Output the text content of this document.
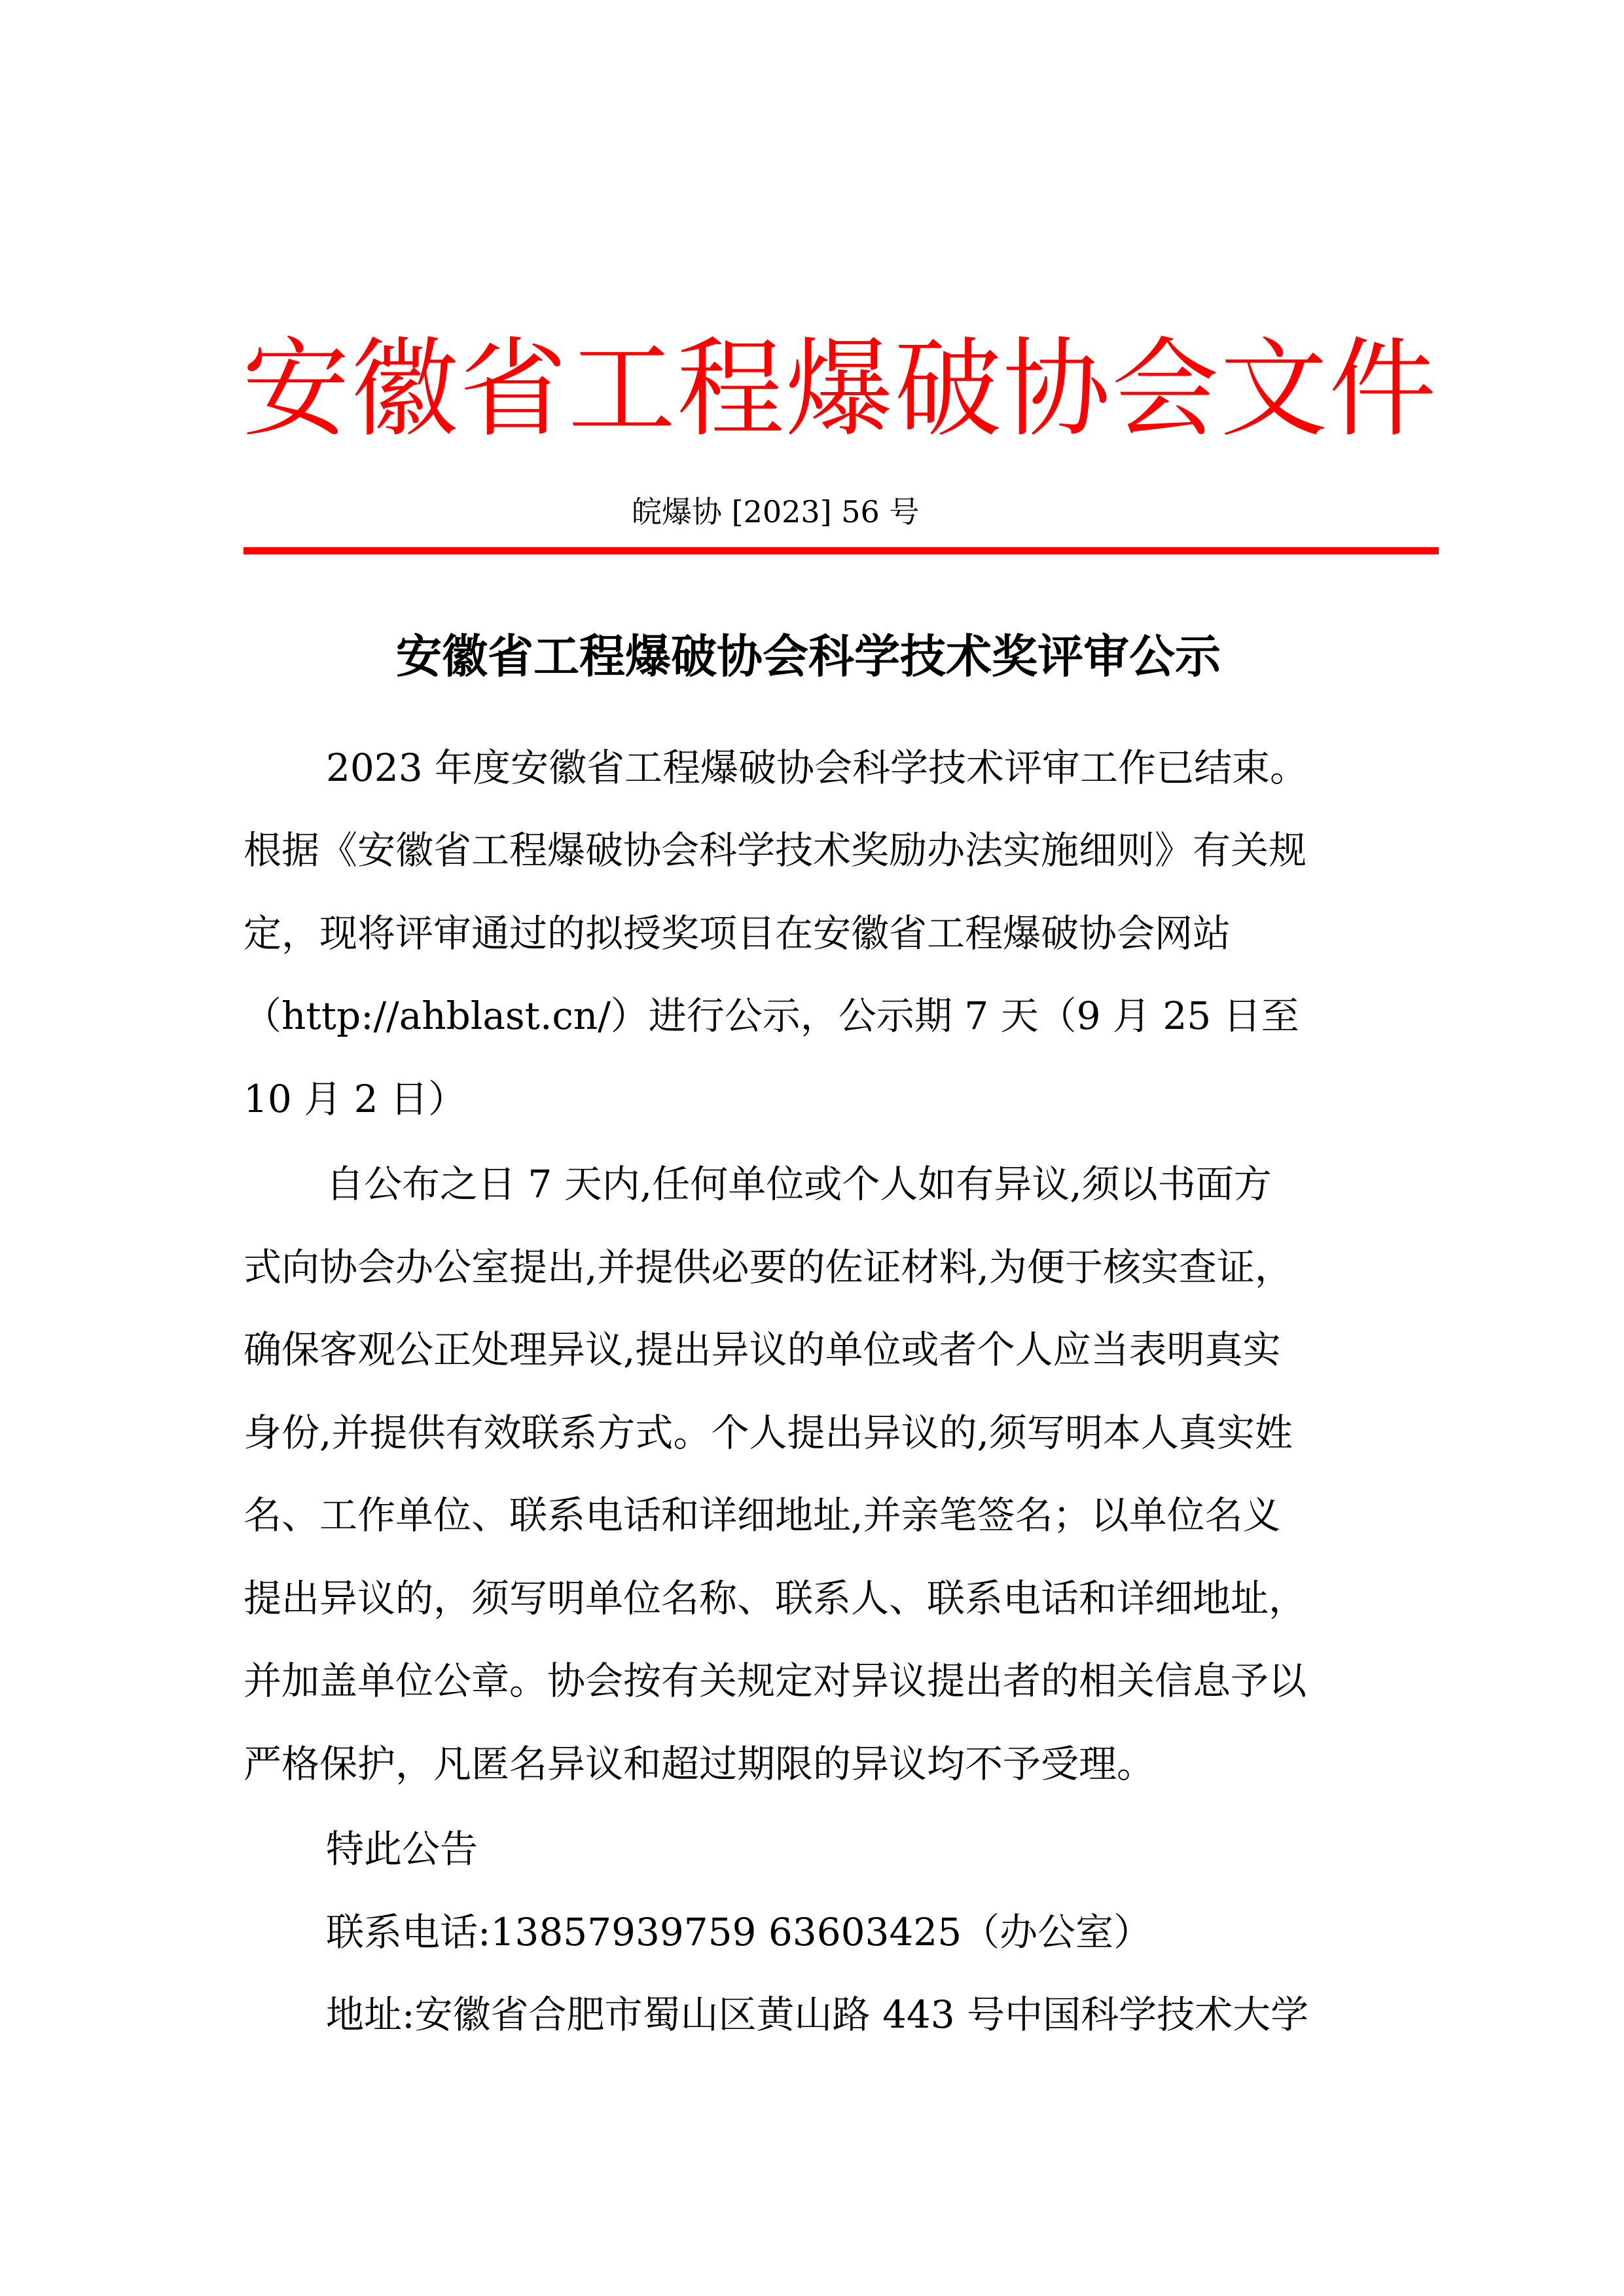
安徽省工程爆破协会文件
皖爆协 [2023] 56 号
安徽省工程爆破协会科学技术奖评审公示
2023 年度安徽省工程爆破协会科学技术评审工作已结束。
根据《安徽省工程爆破协会科学技术奖励办法实施细则》有关规
定，现将评审通过的拟授奖项目在安徽省工程爆破协会网站
（http://ahblast.cn/）进行公示，公示期 7 天（9 月 25 日至
10 月 2 日）
自公布之日 7 天内,任何单位或个人如有异议,须以书面方
式向协会办公室提出,并提供必要的佐证材料,为便于核实查证，
确保客观公正处理异议,提出异议的单位或者个人应当表明真实
身份,并提供有效联系方式。个人提出异议的,须写明本人真实姓
名、工作单位、联系电话和详细地址,并亲笔签名；以单位名义
提出异议的，须写明单位名称、联系人、联系电话和详细地址，
并加盖单位公章。协会按有关规定对异议提出者的相关信息予以
严格保护，凡匿名异议和超过期限的异议均不予受理。
特此公告
联系电话:13857939759 63603425（办公室）
地址:安徽省合肥市蜀山区黄山路 443 号中国科学技术大学
